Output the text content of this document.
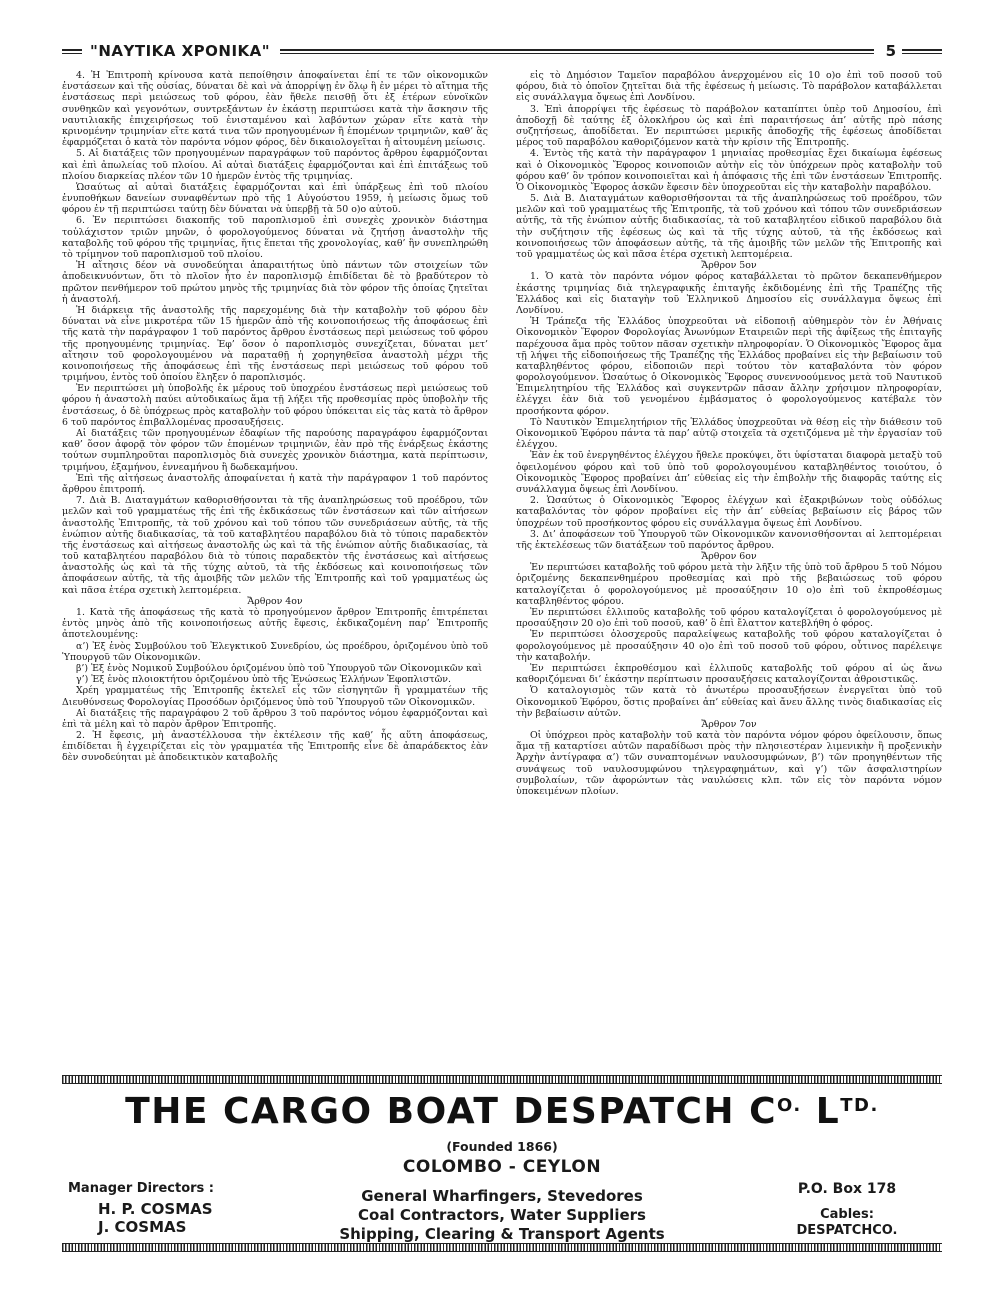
"ΝΑΥΤΙΚΑ ΧΡΟΝΙΚΑ"	5

4. Ἡ Ἐπιτροπὴ κρίνουσα κατὰ πεποίθησιν ἀποφαίνεται ἐπί τε τῶν οἰκονομικῶν ἐνστάσεων καὶ τῆς οὐσίας, δύναται δὲ καὶ νὰ ἀπορρίψῃ ἐν ὅλῳ ἢ ἐν μέρει τὸ αἴτημα τῆς ἐνστάσεως περὶ μειώσεως τοῦ φόρου, ἐὰν ἤθελε πεισθῇ ὅτι ἐξ ἑτέρων εὐνοϊκῶν συνθηκῶν καὶ γεγονότων, συντρεξάντων ἐν ἑκάστῃ περιπτώσει κατὰ τὴν ἄσκησιν τῆς ναυτιλιακῆς ἐπιχειρήσεως τοῦ ἐνισταμένου καὶ λαβόντων χώραν εἴτε κατὰ τὴν κρινομένην τριμηνίαν εἴτε κατά τινα τῶν προηγουμένων ἢ ἑπομένων τριμηνιῶν, καθ’ ἃς ἐφαρμόζεται ὁ κατὰ τὸν παρόντα νόμον φόρος, δὲν δικαιολογεῖται ἡ αἰτουμένη μείωσις.

5. Αἱ διατάξεις τῶν προηγουμένων παραγράφων τοῦ παρόντος ἄρθρου ἐφαρμόζονται καὶ ἐπὶ ἀπωλείας τοῦ πλοίου. Αἱ αὐταὶ διατάξεις ἐφαρμόζονται καὶ ἐπὶ ἐπιτάξεως τοῦ πλοίου διαρκείας πλέον τῶν 10 ἡμερῶν ἐντὸς τῆς τριμηνίας.

Ὡσαύτως αἱ αὐταὶ διατάξεις ἐφαρμόζονται καὶ ἐπὶ ὑπάρξεως ἐπὶ τοῦ πλοίου ἐνυποθήκων δανείων συναφθέντων πρὸ τῆς 1 Αὐγούστου 1959, ἡ μείωσις ὅμως τοῦ φόρου ἐν τῇ περιπτώσει ταύτῃ δὲν δύναται νὰ ὑπερβῇ τὰ 50 ο)ο αὐτοῦ.

6. Ἐν περιπτώσει διακοπῆς τοῦ παροπλισμοῦ ἐπὶ συνεχὲς χρονικὸν διάστημα τοὐλάχιστον τριῶν μηνῶν, ὁ φορολογούμενος δύναται νὰ ζητήσῃ ἀναστολὴν τῆς καταβολῆς τοῦ φόρου τῆς τριμηνίας, ἥτις ἕπεται τῆς χρονολογίας, καθ’ ἣν συνεπληρώθη τὸ τρίμηνον τοῦ παροπλισμοῦ τοῦ πλοίου.

Ἡ αἴτησις δέον νὰ συνοδεύηται ἀπαραιτήτως ὑπὸ πάντων τῶν στοιχείων τῶν ἀποδεικνυόντων, ὅτι τὸ πλοῖον ἦτο ἐν παροπλισμῷ ἐπιδίδεται δὲ τὸ βραδύτερον τὸ πρῶτον πενθήμερον τοῦ πρώτου μηνὸς τῆς τριμηνίας διὰ τὸν φόρον τῆς ὁποίας ζητεῖται ἡ ἀναστολή.

Ἡ διάρκεια τῆς ἀναστολῆς τῆς παρεχομένης διὰ τὴν καταβολὴν τοῦ φόρου δὲν δύναται νὰ εἶνε μικροτέρα τῶν 15 ἡμερῶν ἀπὸ τῆς κοινοποιήσεως τῆς ἀποφάσεως ἐπὶ τῆς κατὰ τὴν παράγραφον 1 τοῦ παρόντος ἄρθρου ἐνστάσεως περὶ μειώσεως τοῦ φόρου τῆς προηγουμένης τριμηνίας. Ἐφ’ ὅσον ὁ παροπλισμὸς συνεχίζεται, δύναται μετ’ αἴτησιν τοῦ φορολογουμένου νὰ παραταθῇ ἡ χορηγηθεῖσα ἀναστολὴ μέχρι τῆς κοινοποιήσεως τῆς ἀποφάσεως ἐπὶ τῆς ἐνστάσεως περὶ μειώσεως τοῦ φόρου τοῦ τριμήνου, ἐντὸς τοῦ ὁποίου ἔληξεν ὁ παροπλισμός.

Ἐν περιπτώσει μὴ ὑποβολῆς ἐκ μέρους τοῦ ὑποχρέου ἐνστάσεως περὶ μειώσεως τοῦ φόρου ἡ ἀναστολὴ παύει αὐτοδικαίως ἅμα τῇ λήξει τῆς προθεσμίας πρὸς ὑποβολὴν τῆς ἐνστάσεως, ὁ δὲ ὑπόχρεως πρὸς καταβολὴν τοῦ φόρου ὑπόκειται εἰς τὰς κατὰ τὸ ἄρθρον 6 τοῦ παρόντος ἐπιβαλλομένας προσαυξήσεις.

Αἱ διατάξεις τῶν προηγουμένων ἐδαφίων τῆς παρούσης παραγράφου ἐφαρμόζονται καθ’ ὅσον ἀφορᾷ τὸν φόρον τῶν ἑπομένων τριμηνιῶν, ἐὰν πρὸ τῆς ἐνάρξεως ἑκάστης τούτων συμπληροῦται παροπλισμὸς διὰ συνεχὲς χρονικὸν διάστημα, κατὰ περίπτωσιν, τριμήνου, ἑξαμήνου, ἐννεαμήνου ἢ δωδεκαμήνου.

Ἐπὶ τῆς αἰτήσεως ἀναστολῆς ἀποφαίνεται ἡ κατὰ τὴν παράγραφον 1 τοῦ παρόντος ἄρθρου ἐπιτροπή.

7. Διὰ Β. Διαταγμάτων καθορισθήσονται τὰ τῆς ἀναπληρώσεως τοῦ προέδρου, τῶν μελῶν καὶ τοῦ γραμματέως τῆς ἐπὶ τῆς ἐκδικάσεως τῶν ἐνστάσεων καὶ τῶν αἰτήσεων ἀναστολῆς Ἐπιτροπῆς, τὰ τοῦ χρόνου καὶ τοῦ τόπου τῶν συνεδριάσεων αὐτῆς, τὰ τῆς ἐνώπιον αὐτῆς διαδικασίας, τὰ τοῦ καταβλητέου παραβόλου διὰ τὸ τύποις παραδεκτὸν τῆς ἐνστάσεως καὶ αἰτήσεως ἀναστολῆς ὡς καὶ τὰ τῆς ἐνώπιον αὐτῆς διαδικασίας, τὰ τοῦ καταβλητέου παραβόλου διὰ τὸ τύποις παραδεκτὸν τῆς ἐνστάσεως καὶ αἰτήσεως ἀναστολῆς ὡς καὶ τὰ τῆς τύχης αὐτοῦ, τὰ τῆς ἐκδόσεως καὶ κοινοποιήσεως τῶν ἀποφάσεων αὐτῆς, τὰ τῆς ἀμοιβῆς τῶν μελῶν τῆς Ἐπιτροπῆς καὶ τοῦ γραμματέως ὡς καὶ πᾶσα ἑτέρα σχετικὴ λεπτομέρεια.

Ἄρθρον 4ον

1. Κατὰ τῆς ἀποφάσεως τῆς κατὰ τὸ προηγούμενον ἄρθρον Ἐπιτροπῆς ἐπιτρέπεται ἐντὸς μηνὸς ἀπὸ τῆς κοινοποιήσεως αὐτῆς ἔφεσις, ἐκδικαζομένη παρ’ Ἐπιτροπῆς ἀποτελουμένης:

α’) Ἐξ ἑνὸς Συμβούλου τοῦ Ἐλεγκτικοῦ Συνεδρίου, ὡς προέδρου, ὁριζομένου ὑπὸ τοῦ Ὑπουργοῦ τῶν Οἰκονομικῶν.

β’) Ἐξ ἑνὸς Νομικοῦ Συμβούλου ὁριζομένου ὑπὸ τοῦ Ὑπουργοῦ τῶν Οἰκονομικῶν καὶ

γ’) Ἐξ ἑνὸς πλοιοκτήτου ὁριζομένου ὑπὸ τῆς Ἑνώσεως Ἑλλήνων Ἐφοπλιστῶν.

Χρέη γραμματέως τῆς Ἐπιτροπῆς ἐκτελεῖ εἷς τῶν εἰσηγητῶν ἢ γραμματέων τῆς Διευθύνσεως Φορολογίας Προσόδων ὁριζόμενος ὑπὸ τοῦ Ὑπουργοῦ τῶν Οἰκονομικῶν.

Αἱ διατάξεις τῆς παραγράφου 2 τοῦ ἄρθρου 3 τοῦ παρόντος νόμου ἐφαρμόζονται καὶ ἐπὶ τὰ μέλη καὶ τὸ παρὸν ἄρθρον Ἐπιτροπῆς.

2. Ἡ ἔφεσις, μὴ ἀναστέλλουσα τὴν ἐκτέλεσιν τῆς καθ’ ἧς αὕτη ἀποφάσεως, ἐπιδίδεται ἢ ἐγχειρίζεται εἰς τὸν γραμματέα τῆς Ἐπιτροπῆς εἶνε δὲ ἀπαράδεκτος ἐὰν δὲν συνοδεύηται μὲ ἀποδεικτικὸν καταβολῆς

εἰς τὸ Δημόσιον Ταμεῖον παραβόλου ἀνερχομένου εἰς 10 ο)ο ἐπὶ τοῦ ποσοῦ τοῦ φόρου, διὰ τὸ ὁποῖον ζητεῖται διὰ τῆς ἐφέσεως ἡ μείωσις. Τὸ παράβολον καταβάλλεται εἰς συνάλλαγμα ὄψεως ἐπὶ Λονδίνου.

3. Ἐπὶ ἀπορρίψει τῆς ἐφέσεως τὸ παράβολον καταπίπτει ὑπὲρ τοῦ Δημοσίου, ἐπὶ ἀποδοχῇ δὲ ταύτης ἐξ ὁλοκλήρου ὡς καὶ ἐπὶ παραιτήσεως ἀπ’ αὐτῆς πρὸ πάσης συζητήσεως, ἀποδίδεται. Ἐν περιπτώσει μερικῆς ἀποδοχῆς τῆς ἐφέσεως ἀποδίδεται μέρος τοῦ παραβόλου καθοριζόμενον κατὰ τὴν κρίσιν τῆς Ἐπιτροπῆς.

4. Ἐντὸς τῆς κατὰ τὴν παράγραφον 1 μηνιαίας προθεσμίας ἔχει δικαίωμα ἐφέσεως καὶ ὁ Οἰκονομικὸς Ἔφορος κοινοποιῶν αὐτὴν εἰς τὸν ὑπόχρεων πρὸς καταβολὴν τοῦ φόρου καθ’ ὃν τρόπον κοινοποιεῖται καὶ ἡ ἀπόφασις τῆς ἐπὶ τῶν ἐνστάσεων Ἐπιτροπῆς. Ὁ Οἰκονομικὸς Ἔφορος ἀσκῶν ἔφεσιν δὲν ὑποχρεοῦται εἰς τὴν καταβολὴν παραβόλου.

5. Διὰ Β. Διαταγμάτων καθορισθήσονται τὰ τῆς ἀναπληρώσεως τοῦ προέδρου, τῶν μελῶν καὶ τοῦ γραμματέως τῆς Ἐπιτροπῆς, τὰ τοῦ χρόνου καὶ τόπου τῶν συνεδριάσεων αὐτῆς, τὰ τῆς ἐνώπιον αὐτῆς διαδικασίας, τὰ τοῦ καταβλητέου εἰδικοῦ παραβόλου διὰ τὴν συζήτησιν τῆς ἐφέσεως ὡς καὶ τὰ τῆς τύχης αὐτοῦ, τὰ τῆς ἐκδόσεως καὶ κοινοποιήσεως τῶν ἀποφάσεων αὐτῆς, τὰ τῆς ἀμοιβῆς τῶν μελῶν τῆς Ἐπιτροπῆς καὶ τοῦ γραμματέως ὡς καὶ πᾶσα ἑτέρα σχετικὴ λεπτομέρεια.

Ἄρθρον 5ον

1. Ὁ κατὰ τὸν παρόντα νόμον φόρος καταβάλλεται τὸ πρῶτον δεκαπενθήμερον ἑκάστης τριμηνίας διὰ τηλεγραφικῆς ἐπιταγῆς ἐκδιδομένης ἐπὶ τῆς Τραπέζης τῆς Ἑλλάδος καὶ εἰς διαταγὴν τοῦ Ἑλληνικοῦ Δημοσίου εἰς συνάλλαγμα ὄψεως ἐπὶ Λονδίνου.

Ἡ Τράπεζα τῆς Ἑλλάδος ὑποχρεοῦται νὰ εἰδοποιῇ αὐθημερὸν τὸν ἐν Ἀθήναις Οἰκονομικὸν Ἔφορον Φορολογίας Ἀνωνύμων Εταιρειῶν περὶ τῆς ἀφίξεως τῆς ἐπιταγῆς παρέχουσα ἅμα πρὸς τοῦτον πᾶσαν σχετικὴν πληροφορίαν. Ὁ Οἰκονομικὸς Ἔφορος ἅμα τῇ λήψει τῆς εἰδοποιήσεως τῆς Τραπέζης τῆς Ἑλλάδος προβαίνει εἰς τὴν βεβαίωσιν τοῦ καταβληθέντος φόρου, εἰδοποιῶν περὶ τούτου τὸν καταβαλόντα τὸν φόρον φορολογούμενον. Ὡσαύτως ὁ Οἰκονομικὸς Ἔφορος συνεννοούμενος μετὰ τοῦ Ναυτικοῦ Ἐπιμελητηρίου τῆς Ἑλλάδος καὶ συγκεντρῶν πᾶσαν ἄλλην χρήσιμον πληροφορίαν, ἐλέγχει ἐὰν διὰ τοῦ γενομένου ἐμβάσματος ὁ φορολογούμενος κατέβαλε τὸν προσήκοντα φόρον.

Τὸ Ναυτικὸν Ἐπιμελητήριον τῆς Ἑλλάδος ὑποχρεοῦται νὰ θέσῃ εἰς τὴν διάθεσιν τοῦ Οἰκονομικοῦ Ἐφόρου πάντα τὰ παρ’ αὐτῷ στοιχεῖα τὰ σχετιζόμενα μὲ τὴν ἐργασίαν τοῦ ἐλέγχου.

Ἐὰν ἐκ τοῦ ἐνεργηθέντος ἐλέγχου ἤθελε προκύψει, ὅτι ὑφίσταται διαφορὰ μεταξὺ τοῦ ὀφειλομένου φόρου καὶ τοῦ ὑπὸ τοῦ φορολογουμένου καταβληθέντος τοιούτου, ὁ Οἰκονομικὸς Ἔφορος προβαίνει ἀπ’ εὐθείας εἰς τὴν ἐπιβολὴν τῆς διαφορᾶς ταύτης εἰς συνάλλαγμα ὄψεως ἐπὶ Λονδίνου.

2. Ὡσαύτως ὁ Οἰκονομικὸς Ἔφορος ἐλέγχων καὶ ἐξακριβώνων τοὺς οὐδόλως καταβαλόντας τὸν φόρον προβαίνει εἰς τὴν ἀπ’ εὐθείας βεβαίωσιν εἰς βάρος τῶν ὑποχρέων τοῦ προσήκοντος φόρου εἰς συνάλλαγμα ὄψεως ἐπὶ Λονδίνου.

3. Δι’ ἀποφάσεων τοῦ Ὑπουργοῦ τῶν Οἰκονομικῶν κανονισθήσονται αἱ λεπτομέρειαι τῆς ἐκτελέσεως τῶν διατάξεων τοῦ παρόντος ἄρθρου.

Ἄρθρον 6ον

Ἐν περιπτώσει καταβολῆς τοῦ φόρου μετὰ τὴν λῆξιν τῆς ὑπὸ τοῦ ἄρθρου 5 τοῦ Νόμου ὁριζομένης δεκαπενθημέρου προθεσμίας καὶ πρὸ τῆς βεβαιώσεως τοῦ φόρου καταλογίζεται ὁ φορολογούμενος μὲ προσαύξησιν 10 ο)ο ἐπὶ τοῦ ἐκπροθέσμως καταβληθέντος φόρου.

Ἐν περιπτώσει ἐλλιποῦς καταβολῆς τοῦ φόρου καταλογίζεται ὁ φορολογούμενος μὲ προσαύξησιν 20 ο)ο ἐπὶ τοῦ ποσοῦ, καθ’ ὃ ἐπὶ ἔλαττον κατεβλήθη ὁ φόρος.

Ἐν περιπτώσει ὁλοσχεροῦς παραλείψεως καταβολῆς τοῦ φόρου καταλογίζεται ὁ φορολογούμενος μὲ προσαύξησιν 40 ο)ο ἐπὶ τοῦ ποσοῦ τοῦ φόρου, οὗτινος παρέλειψε τὴν καταβολήν.

Ἐν περιπτώσει ἐκπροθέσμου καὶ ἐλλιποῦς καταβολῆς τοῦ φόρου αἱ ὡς ἄνω καθοριζόμεναι δι’ ἑκάστην περίπτωσιν προσαυξήσεις καταλογίζονται ἀθροιστικῶς.

Ὁ καταλογισμὸς τῶν κατὰ τὸ ἀνωτέρω προσαυξήσεων ἐνεργεῖται ὑπὸ τοῦ Οἰκονομικοῦ Ἐφόρου, ὅστις προβαίνει ἀπ’ εὐθείας καὶ ἄνευ ἄλλης τινὸς διαδικασίας εἰς τὴν βεβαίωσιν αὐτῶν.

Ἄρθρον 7ον

Οἱ ὑπόχρεοι πρὸς καταβολὴν τοῦ κατὰ τὸν παρόντα νόμον φόρου ὀφείλουσιν, ὅπως ἅμα τῇ καταρτίσει αὐτῶν παραδίδωσι πρὸς τὴν πλησιεστέραν λιμενικὴν ἢ προξενικὴν Ἀρχὴν ἀντίγραφα α’) τῶν συναπτομένων ναυλοσυμφώνων, β’) τῶν προηγηθέντων τῆς συνάψεως τοῦ ναυλοσυμφώνου τηλεγραφημάτων, καὶ γ’) τῶν ἀσφαλιστηρίων συμβολαίων, τῶν ἀφορώντων τὰς ναυλώσεις κλπ. τῶν εἰς τὸν παρόντα νόμον ὑποκειμένων πλοίων.

THE CARGO BOAT DESPATCH $C^{O.}$ $L^{TD.}$
(Founded 1866)
COLOMBO - CEYLON
Manager Directors :
H. P. COSMAS
J. COSMAS
General Wharfingers, Stevedores
Coal Contractors, Water Suppliers
Shipping, Clearing & Transport Agents
P.O. Box 178
Cables:
DESPATCHCO.
